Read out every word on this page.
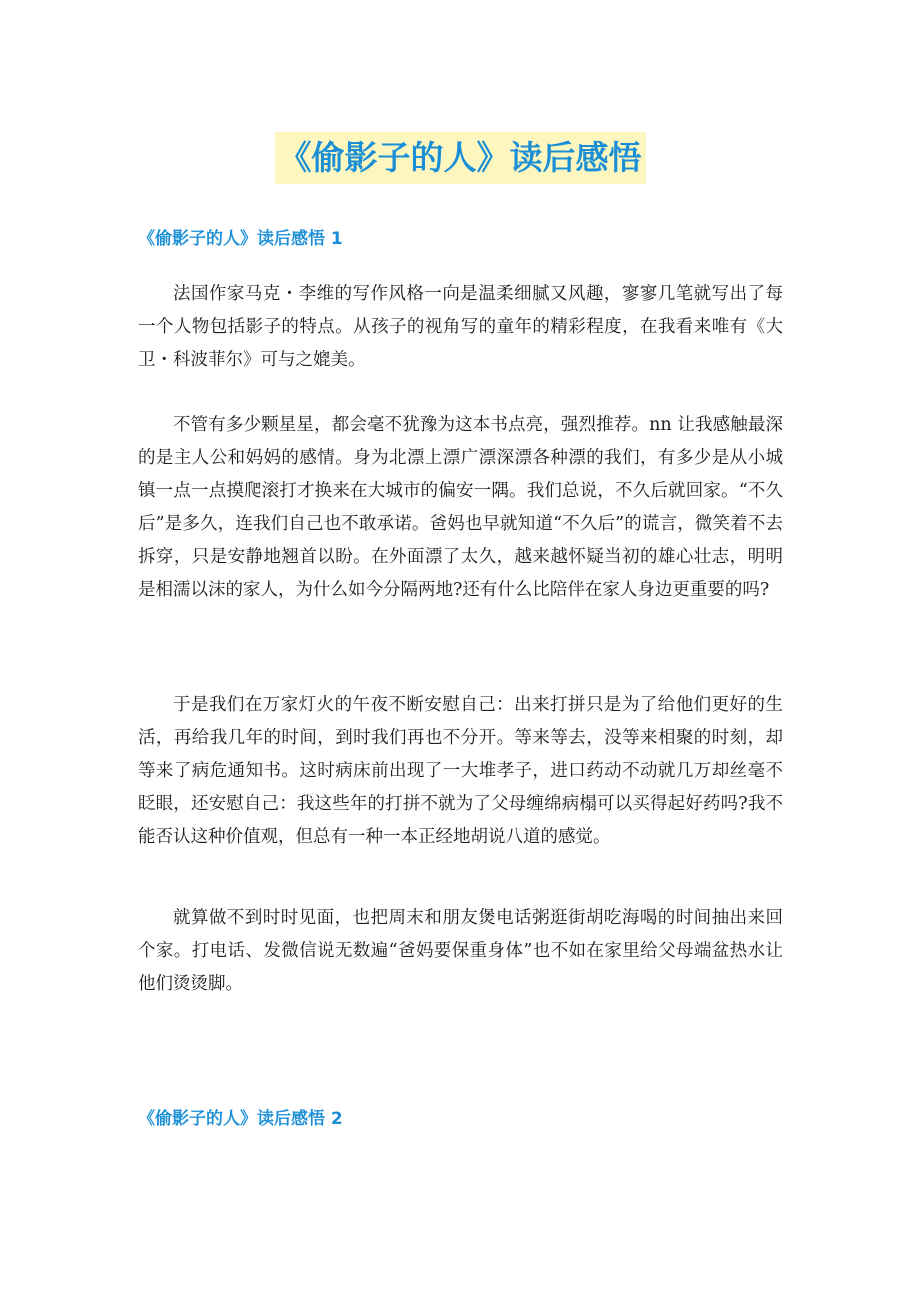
《偷影子的人》读后感悟
《偷影子的人》读后感悟 1

法国作家马克・李维的写作风格一向是温柔细腻又风趣，寥寥几笔就写出了每一个人物包括影子的特点。从孩子的视角写的童年的精彩程度，在我看来唯有《大卫・科波菲尔》可与之媲美。

不管有多少颗星星，都会毫不犹豫为这本书点亮，强烈推荐。nn 让我感触最深的是主人公和妈妈的感情。身为北漂上漂广漂深漂各种漂的我们，有多少是从小城镇一点一点摸爬滚打才换来在大城市的偏安一隅。我们总说，不久后就回家。“不久后”是多久，连我们自己也不敢承诺。爸妈也早就知道“不久后”的谎言，微笑着不去拆穿，只是安静地翘首以盼。在外面漂了太久，越来越怀疑当初的雄心壮志，明明是相濡以沫的家人，为什么如今分隔两地?还有什么比陪伴在家人身边更重要的吗?

于是我们在万家灯火的午夜不断安慰自己：出来打拼只是为了给他们更好的生活，再给我几年的时间，到时我们再也不分开。等来等去，没等来相聚的时刻，却等来了病危通知书。这时病床前出现了一大堆孝子，进口药动不动就几万却丝毫不眨眼，还安慰自己：我这些年的打拼不就为了父母缠绵病榻可以买得起好药吗?我不能否认这种价值观，但总有一种一本正经地胡说八道的感觉。

就算做不到时时见面，也把周末和朋友煲电话粥逛街胡吃海喝的时间抽出来回个家。打电话、发微信说无数遍“爸妈要保重身体”也不如在家里给父母端盆热水让他们烫烫脚。

《偷影子的人》读后感悟 2
